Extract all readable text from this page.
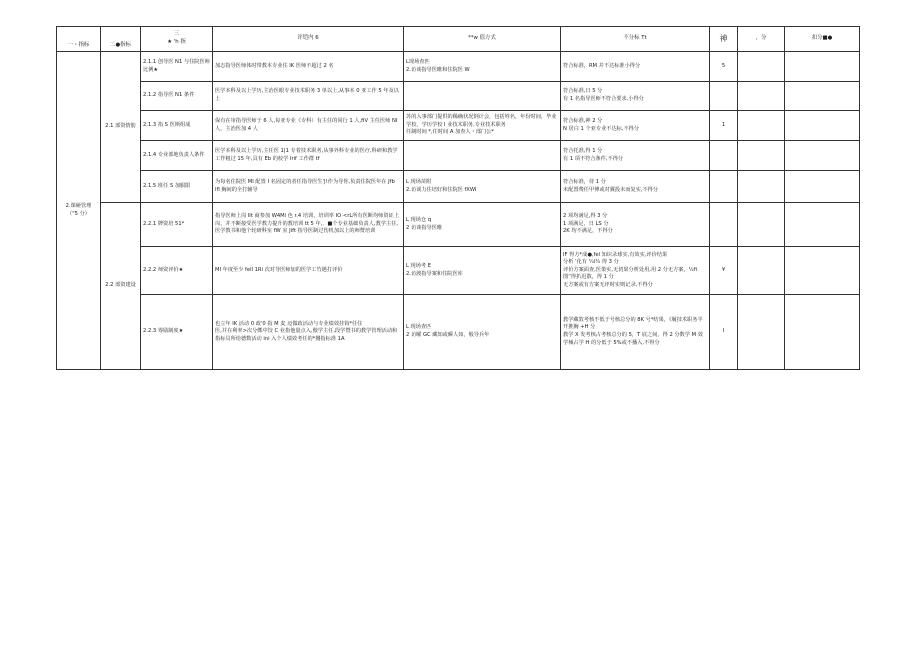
一・指标	二●指标	三
★ 'h 指	评铠内 6	**w 值方式	不分标 Tt	神	，分	扣分■●
2.课砸管理
（"5 分）	2.1 部资情肪	2.1.1 创导医 N1 与住院医师比例★	加志指导医师体时带教本专业住 IK 医师不超过 2 名	L现场查匹
2.访谈指导医睢和住院医 W	符合标准，RM 并不达标准小得分	5		
		2.1.2 指导医 N1 条件	医学本科及以上学历,主治医眼专业技术职务 3 单以上,从事本 0 亚工作 5 年及以上		符合标准,日 5 分
有 1 名指导医师不符合要求,小得分			
		2.1.3 指 S 医斯组成	保有在审指导医师于 6 人,每亚专业《专科）有主任的同行 1 人,fiV 主任医师 NI 人，主治医加 4 人	苏的入事部门提供的稀确状况倒计会，包括姓名，年份时间，毕业学校，学历学校 I 业技术职务,专业技术职务
任制时间 *,任时间 A 加查人・部门公*	符合标准,神 2 分
N 居白 1 个亚专业不达标,不得分	1		
		2.1.4 专业部地负责人条件	医学本科及以上学历,主任医 1|1 专着技术职务,从事外科专业的医疗,科研和教学工作粗过 15 年,具有 Eb 的校学 Irif 工作群 tf		符合托准,得 1 分
有 1 项不符合条件,不得分			
		2.1.5 班任 S 加服限	为每名住院医 MI 配置 I 名固定的者任指导医生'|!作为导你,负责住院医年在 Jfb lfl 胸间的全打辅导	L 现场苗附
2.访谈力住培好和住院医 fXWI	符合标准，侍 1 分
未配置费任甲傅或对翼投未而复实,不得分			
	2.2 部资建设	2.2.1 牌资培 51*	指导医师上岗 IIt 商参加 W4Mi 色 r.4 培训，培训率 IO <rL所有医断均师资证上岗，并不断接受医学教力提升的教培训 tt 5 年,．■个专业基础负责人,教学主任,医学教书和他个轮研科室 fW 室 Jift 指导医制过伤机加以上的师赞培训	L 现场仓 q
2 访谈指导医睢	2 项均满足,得 3 分
1 项满足，日 LS 分
2K 均不满足，不得分			
		2.2.2 师资评价★	MI 年度至少 fell 1Ri 次对导医师加的医学工竹遇打评价	L 现场考 E
2.访渡指导案和住院医库	IF 得方*成●,fel 知识录球实,有效实,评价结果
分析 ‘化有 ¼i¼ 得 3 分
评价方案面查,医策实,无切果分析处用,用 2 分无方案，¼fi
图“得扒迟散，得 1 分
无方案或有方案无评时实则记录,不得分	¥		
		2.2.3 筹励制度★	也立年 IK 活动 0 政'0 指 M 麦 迈做政活动与专业绩效挂钩*任住
医,并在利率>次分鄭中饺 C 业指他量点入,傲学主任,段学暨书的教学管理活动和指标员所给德数活动 ini 入个人绩效考任的*捌指标准 1A	L 现场查匹
2 访曜 GC 藏知或瞬人如，般导兵年	教学藏敦考核不低于号核总分的 8K 号*结果，《履技术职务半开推胸 +H 分
教学 X 发考核占考核总分的 5，T 底之间，得 2 分数学 M 效学械占学 H 的分低于 5%或不播入,不得分	I		
